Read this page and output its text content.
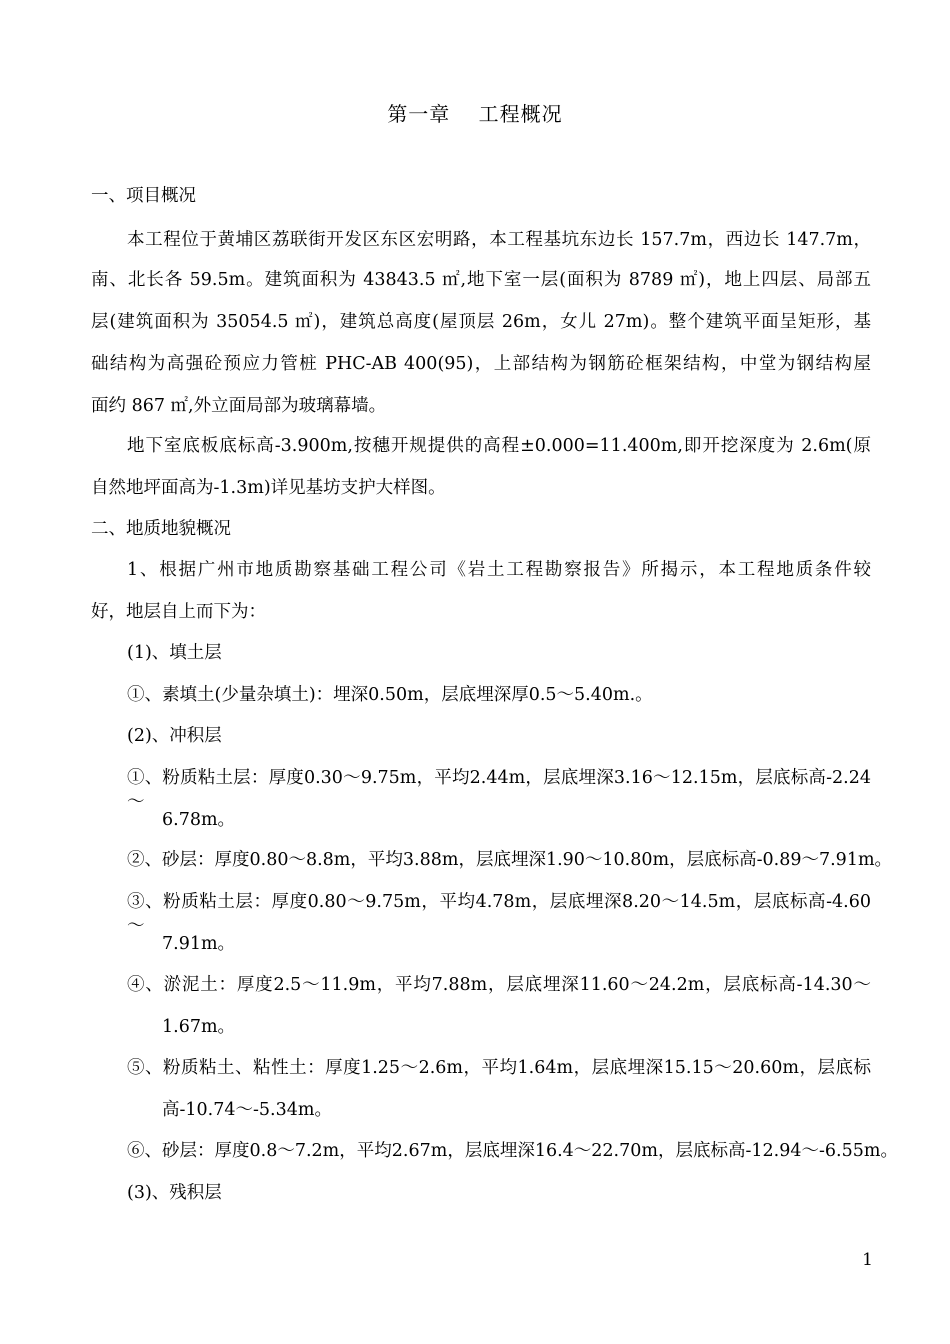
第一章　 工程概况
一、项目概况
本工程位于黄埔区荔联街开发区东区宏明路，本工程基坑东边长 157.7m，西边长 147.7m，
南、北长各 59.5m。建筑面积为 43843.5 ㎡,地下室一层(面积为 8789 ㎡)，地上四层、局部五
层(建筑面积为 35054.5 ㎡)，建筑总高度(屋顶层 26m，女儿 27m)。整个建筑平面呈矩形，基
础结构为高强砼预应力管桩 PHC-AB 400(95)，上部结构为钢筋砼框架结构，中堂为钢结构屋
面约 867 ㎡,外立面局部为玻璃幕墙。
地下室底板底标高-3.900m,按穗开规提供的高程±0.000=11.400m,即开挖深度为 2.6m(原
自然地坪面高为-1.3m)详见基坊支护大样图。
二、地质地貌概况
1、根据广州市地质勘察基础工程公司《岩土工程勘察报告》所揭示，本工程地质条件较
好，地层自上而下为：
(1)、填土层
①、素填土(少量杂填土)：埋深0.50m，层底埋深厚0.5～5.40m.。
(2)、冲积层
①、粉质粘土层：厚度0.30～9.75m，平均2.44m，层底埋深3.16～12.15m，层底标高-2.24～
6.78m。
②、砂层：厚度0.80～8.8m，平均3.88m，层底埋深1.90～10.80m，层底标高-0.89～7.91m。
③、粉质粘土层：厚度0.80～9.75m，平均4.78m，层底埋深8.20～14.5m，层底标高-4.60～
7.91m。
④、淤泥土：厚度2.5～11.9m，平均7.88m，层底埋深11.60～24.2m，层底标高-14.30～
1.67m。
⑤、粉质粘土、粘性土：厚度1.25～2.6m，平均1.64m，层底埋深15.15～20.60m，层底标
高-10.74～-5.34m。
⑥、砂层：厚度0.8～7.2m，平均2.67m，层底埋深16.4～22.70m，层底标高-12.94～-6.55m。
(3)、残积层
1
